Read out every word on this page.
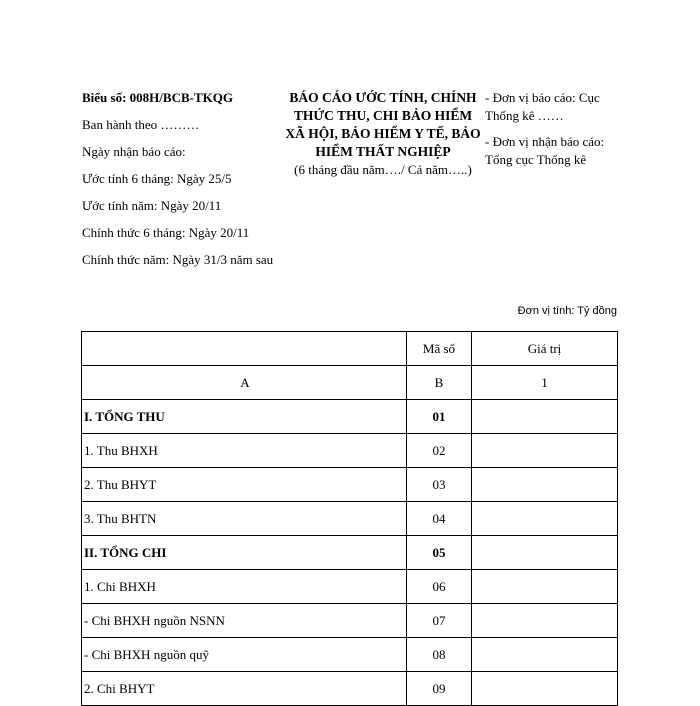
Biểu số: 008H/BCB-TKQG
Ban hành theo ………
Ngày nhận báo cáo:
Ước tính 6 tháng: Ngày 25/5
Ước tính năm: Ngày 20/11
Chính thức 6 tháng: Ngày 20/11
Chính thức năm: Ngày 31/3 năm sau
BÁO CÁO ƯỚC TÍNH, CHÍNH THỨC THU, CHI BẢO HIỂM XÃ HỘI, BẢO HIỂM Y TẾ, BẢO HIỂM THẤT NGHIỆP
(6 tháng đầu năm…./ Cả năm…..)
- Đơn vị báo cáo: Cục Thống kê ……
- Đơn vị nhận báo cáo: Tổng cục Thống kê
Đơn vị tính: Tỷ đồng
	Mã số	Giá trị
A	B	1
I. TỔNG THU	01	
1. Thu BHXH	02	
2. Thu BHYT	03	
3. Thu BHTN	04	
II. TỔNG CHI	05	
1. Chi BHXH	06	
- Chi BHXH nguồn NSNN	07	
- Chi BHXH nguồn quỹ	08	
2. Chi BHYT	09	
